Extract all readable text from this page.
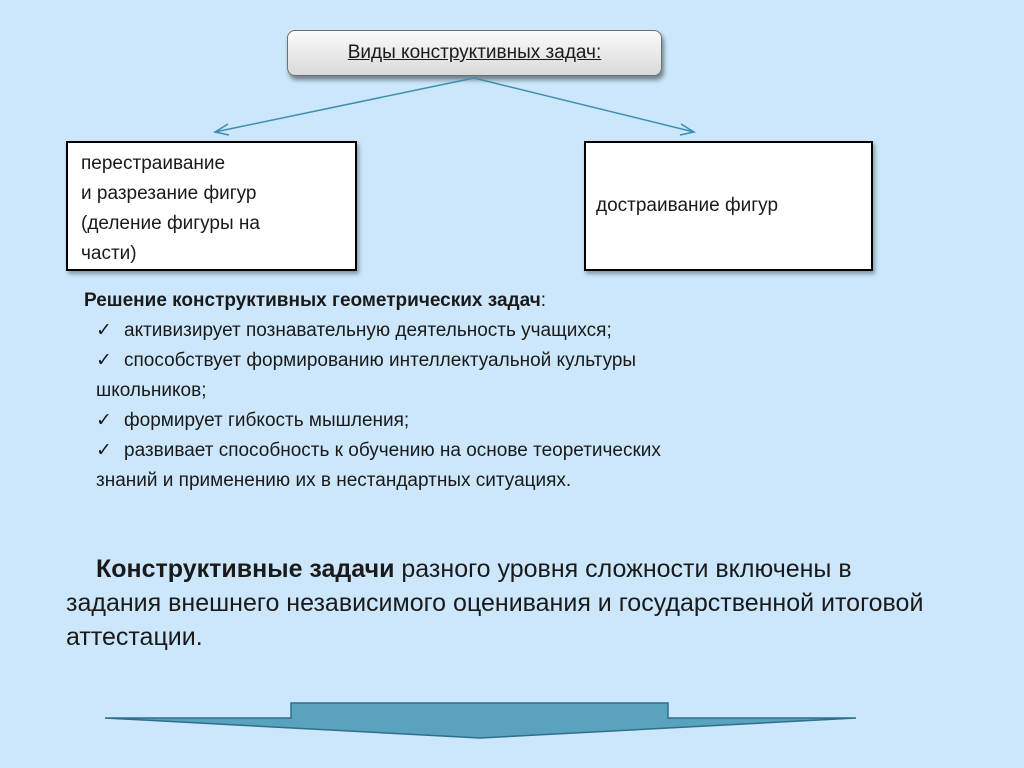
Виды конструктивных задач:
перестраивание
и разрезание фигур
(деление фигуры на
части)
достраивание фигур
Решение конструктивных геометрических задач:
✓ активизирует познавательную деятельность учащихся;
✓ способствует формированию интеллектуальной культуры
школьников;
✓ формирует гибкость мышления;
✓ развивает способность к обучению на основе теоретических
знаний и применению их в нестандартных ситуациях.
Конструктивные задачи разного уровня сложности включены в задания внешнего независимого оценивания и государственной итоговой аттестации.
